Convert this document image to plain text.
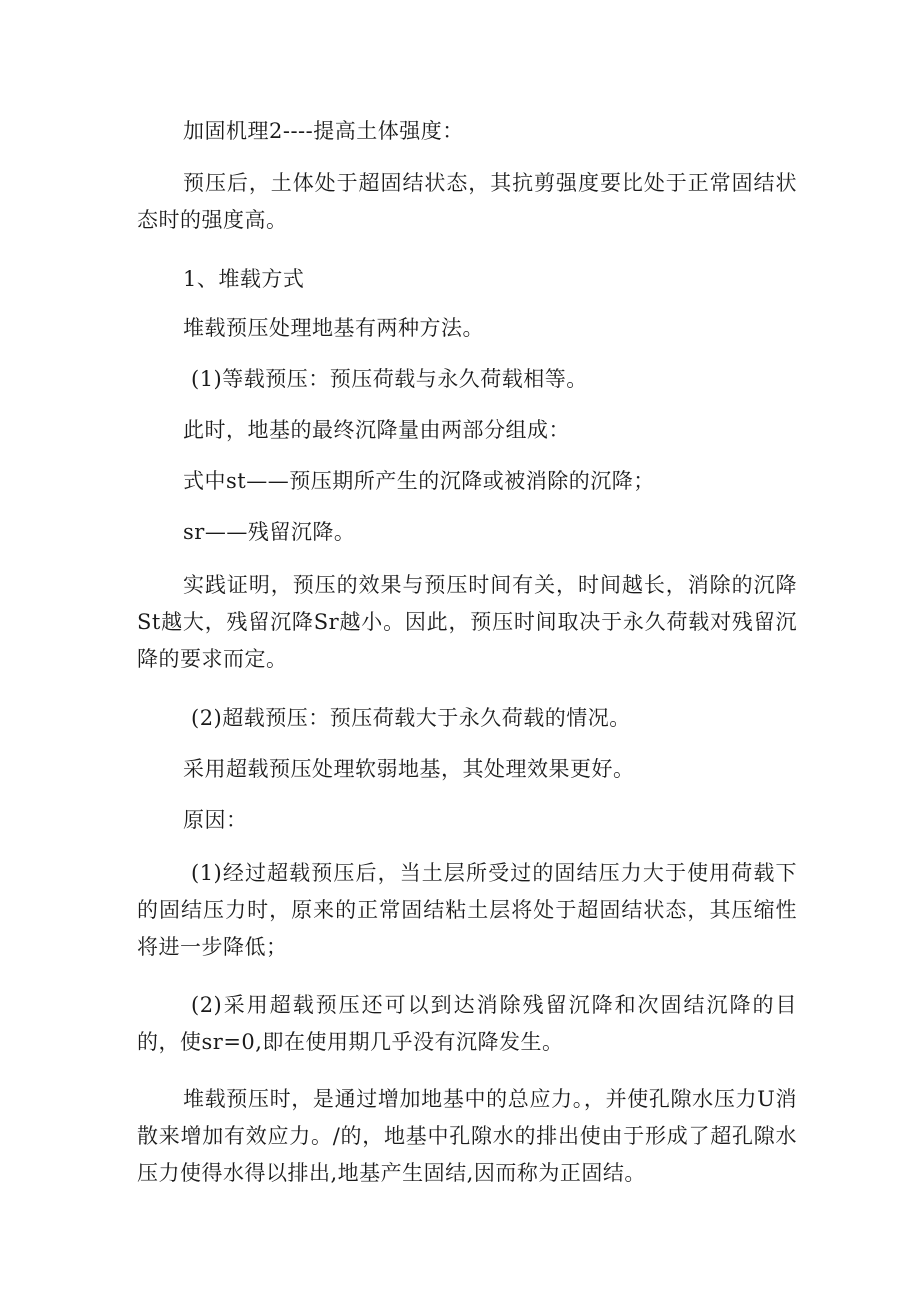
加固机理2----提高土体强度：

预压后，土体处于超固结状态，其抗剪强度要比处于正常固结状态时的强度高。

1、堆载方式

堆载预压处理地基有两种方法。

(1)等载预压：预压荷载与永久荷载相等。

此时，地基的最终沉降量由两部分组成：

式中st——预压期所产生的沉降或被消除的沉降；

sr——残留沉降。

实践证明，预压的效果与预压时间有关，时间越长，消除的沉降St越大，残留沉降Sr越小。因此，预压时间取决于永久荷载对残留沉降的要求而定。

(2)超载预压：预压荷载大于永久荷载的情况。

采用超载预压处理软弱地基，其处理效果更好。

原因：

(1)经过超载预压后，当土层所受过的固结压力大于使用荷载下的固结压力时，原来的正常固结粘土层将处于超固结状态，其压缩性将进一步降低；

(2)采用超载预压还可以到达消除残留沉降和次固结沉降的目的，使sr=0,即在使用期几乎没有沉降发生。

堆载预压时，是通过增加地基中的总应力。，并使孔隙水压力U消散来增加有效应力。/的，地基中孔隙水的排出使由于形成了超孔隙水压力使得水得以排出,地基产生固结,因而称为正固结。
